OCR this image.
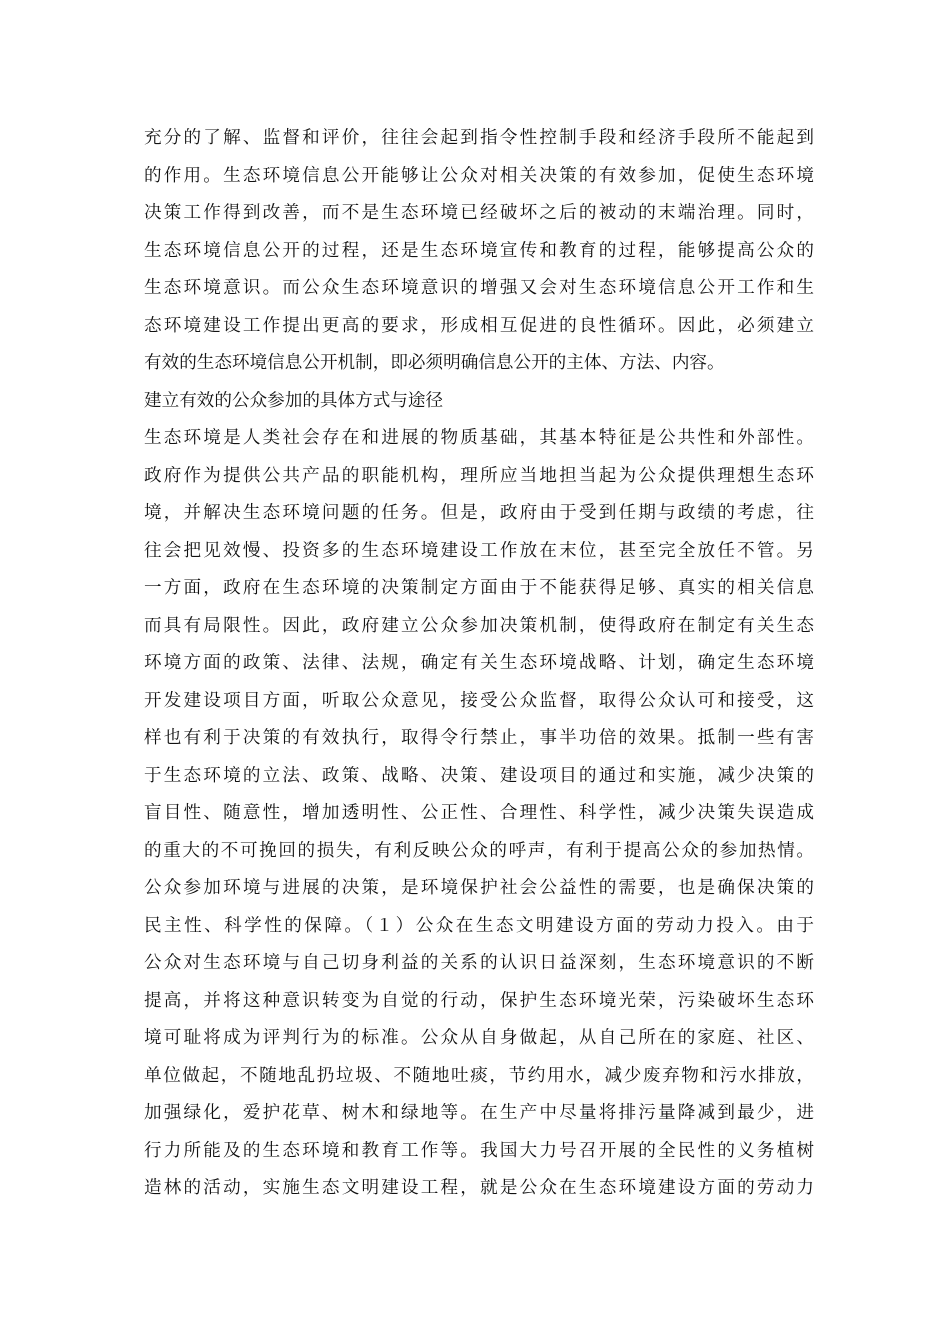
充分的了解、监督和评价，往往会起到指令性控制手段和经济手段所不能起到
的作用。生态环境信息公开能够让公众对相关决策的有效参加，促使生态环境
决策工作得到改善，而不是生态环境已经破坏之后的被动的末端治理。同时，
生态环境信息公开的过程，还是生态环境宣传和教育的过程，能够提高公众的
生态环境意识。而公众生态环境意识的增强又会对生态环境信息公开工作和生
态环境建设工作提出更高的要求，形成相互促进的良性循环。因此，必须建立
有效的生态环境信息公开机制，即必须明确信息公开的主体、方法、内容。
建立有效的公众参加的具体方式与途径
生态环境是人类社会存在和进展的物质基础，其基本特征是公共性和外部性。
政府作为提供公共产品的职能机构，理所应当地担当起为公众提供理想生态环
境，并解决生态环境问题的任务。但是，政府由于受到任期与政绩的考虑，往
往会把见效慢、投资多的生态环境建设工作放在末位，甚至完全放任不管。另
一方面，政府在生态环境的决策制定方面由于不能获得足够、真实的相关信息
而具有局限性。因此，政府建立公众参加决策机制，使得政府在制定有关生态
环境方面的政策、法律、法规，确定有关生态环境战略、计划，确定生态环境
开发建设项目方面，听取公众意见，接受公众监督，取得公众认可和接受，这
样也有利于决策的有效执行，取得令行禁止，事半功倍的效果。抵制一些有害
于生态环境的立法、政策、战略、决策、建设项目的通过和实施，减少决策的
盲目性、随意性，增加透明性、公正性、合理性、科学性，减少决策失误造成
的重大的不可挽回的损失，有利反映公众的呼声，有利于提高公众的参加热情。
公众参加环境与进展的决策，是环境保护社会公益性的需要，也是确保决策的
民主性、科学性的保障。（１）公众在生态文明建设方面的劳动力投入。由于
公众对生态环境与自己切身利益的关系的认识日益深刻，生态环境意识的不断
提高，并将这种意识转变为自觉的行动，保护生态环境光荣，污染破坏生态环
境可耻将成为评判行为的标准。公众从自身做起，从自己所在的家庭、社区、
单位做起，不随地乱扔垃圾、不随地吐痰，节约用水，减少废弃物和污水排放，
加强绿化，爱护花草、树木和绿地等。在生产中尽量将排污量降减到最少，进
行力所能及的生态环境和教育工作等。我国大力号召开展的全民性的义务植树
造林的活动，实施生态文明建设工程，就是公众在生态环境建设方面的劳动力
